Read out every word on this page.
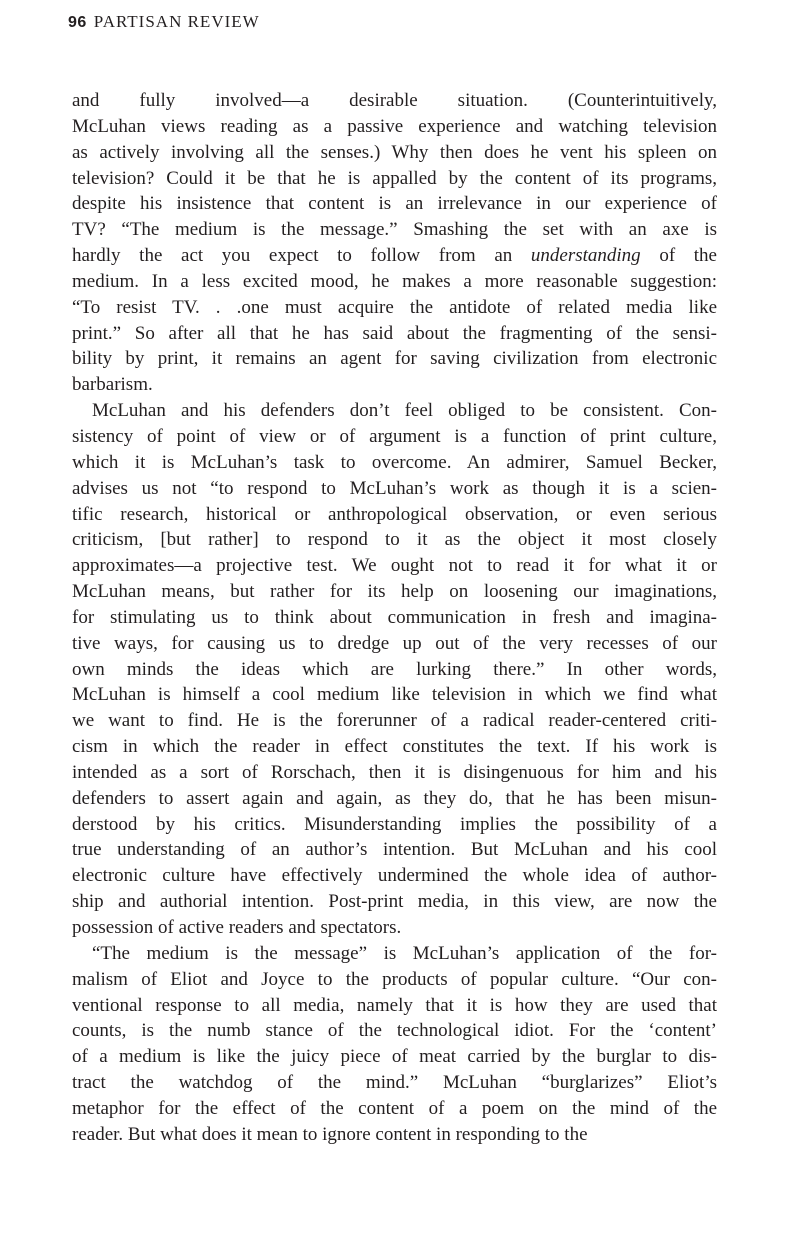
96 PARTISAN REVIEW
and fully involved—a desirable situation. (Counterintuitively,
McLuhan views reading as a passive experience and watching television
as actively involving all the senses.) Why then does he vent his spleen on
television? Could it be that he is appalled by the content of its programs,
despite his insistence that content is an irrelevance in our experience of
TV? “The medium is the message.” Smashing the set with an axe is
hardly the act you expect to follow from an understanding of the
medium. In a less excited mood, he makes a more reasonable suggestion:
“To resist TV. . .one must acquire the antidote of related media like
print.” So after all that he has said about the fragmenting of the sensi-
bility by print, it remains an agent for saving civilization from electronic
barbarism.
McLuhan and his defenders don’t feel obliged to be consistent. Con-
sistency of point of view or of argument is a function of print culture,
which it is McLuhan’s task to overcome. An admirer, Samuel Becker,
advises us not “to respond to McLuhan’s work as though it is a scien-
tific research, historical or anthropological observation, or even serious
criticism, [but rather] to respond to it as the object it most closely
approximates—a projective test. We ought not to read it for what it or
McLuhan means, but rather for its help on loosening our imaginations,
for stimulating us to think about communication in fresh and imagina-
tive ways, for causing us to dredge up out of the very recesses of our
own minds the ideas which are lurking there.” In other words,
McLuhan is himself a cool medium like television in which we find what
we want to find. He is the forerunner of a radical reader-centered criti-
cism in which the reader in effect constitutes the text. If his work is
intended as a sort of Rorschach, then it is disingenuous for him and his
defenders to assert again and again, as they do, that he has been misun-
derstood by his critics. Misunderstanding implies the possibility of a
true understanding of an author’s intention. But McLuhan and his cool
electronic culture have effectively undermined the whole idea of author-
ship and authorial intention. Post-print media, in this view, are now the
possession of active readers and spectators.
“The medium is the message” is McLuhan’s application of the for-
malism of Eliot and Joyce to the products of popular culture. “Our con-
ventional response to all media, namely that it is how they are used that
counts, is the numb stance of the technological idiot. For the ‘content’
of a medium is like the juicy piece of meat carried by the burglar to dis-
tract the watchdog of the mind.” McLuhan “burglarizes” Eliot’s
metaphor for the effect of the content of a poem on the mind of the
reader. But what does it mean to ignore content in responding to the
